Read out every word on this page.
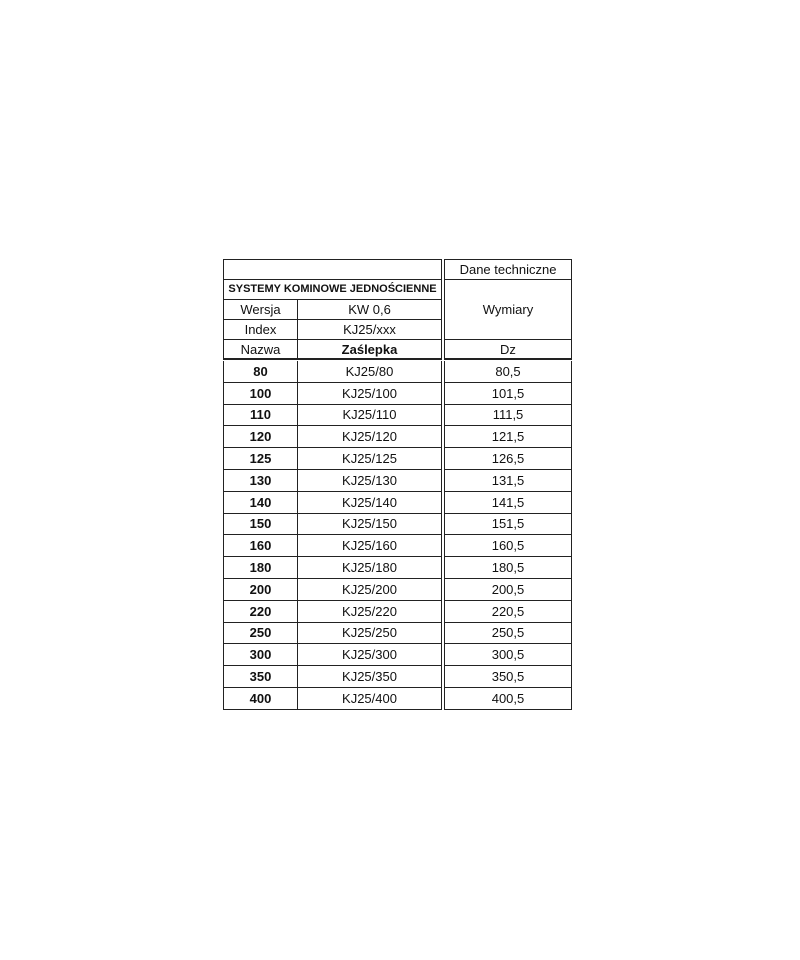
Dane techniczne
SYSTEMY KOMINOWE JEDNOŚCIENNE
Wymiary
Wersja	KW 0,6
Index	KJ25/xxx
Nazwa	Zaślepka	Dz
80	KJ25/80	80,5
100	KJ25/100	101,5
110	KJ25/110	111,5
120	KJ25/120	121,5
125	KJ25/125	126,5
130	KJ25/130	131,5
140	KJ25/140	141,5
150	KJ25/150	151,5
160	KJ25/160	160,5
180	KJ25/180	180,5
200	KJ25/200	200,5
220	KJ25/220	220,5
250	KJ25/250	250,5
300	KJ25/300	300,5
350	KJ25/350	350,5
400	KJ25/400	400,5
